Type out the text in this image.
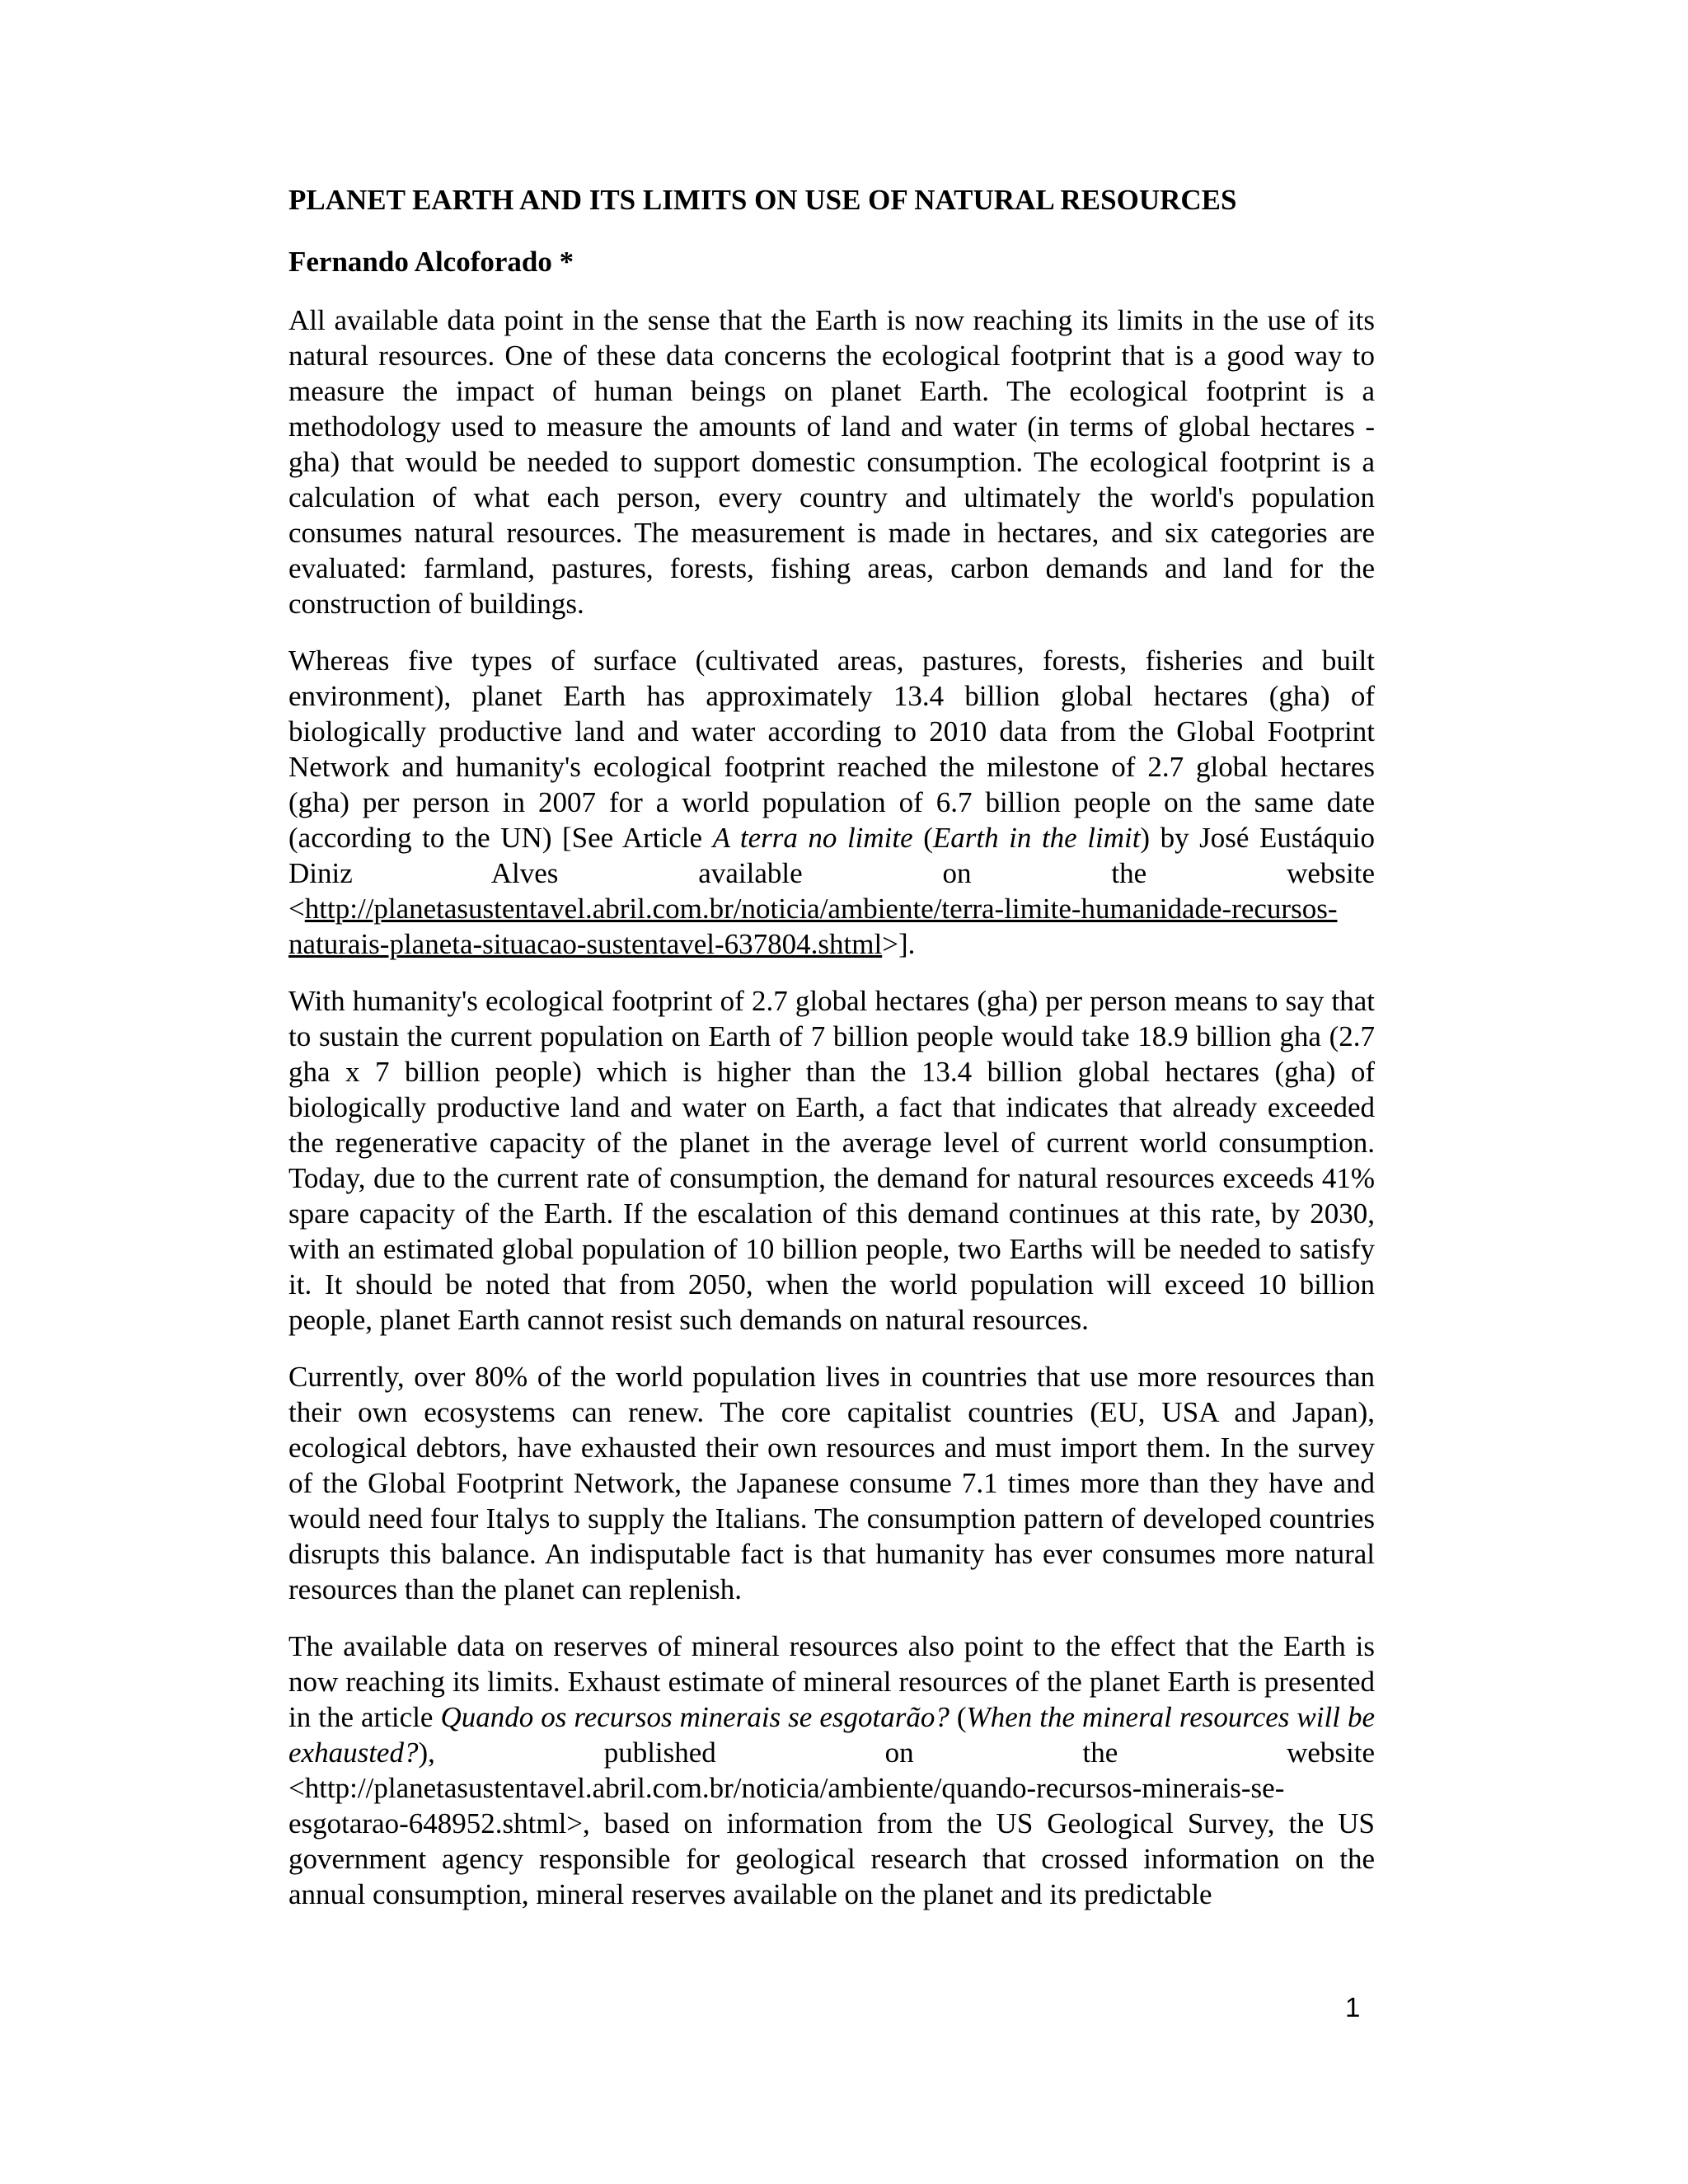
PLANET EARTH AND ITS LIMITS ON USE OF NATURAL RESOURCES
Fernando Alcoforado *

All available data point in the sense that the Earth is now reaching its limits in the use of its natural resources. One of these data concerns the ecological footprint that is a good way to measure the impact of human beings on planet Earth. The ecological footprint is a methodology used to measure the amounts of land and water (in terms of global hectares - gha) that would be needed to support domestic consumption. The ecological footprint is a calculation of what each person, every country and ultimately the world's population consumes natural resources. The measurement is made in hectares, and six categories are evaluated: farmland, pastures, forests, fishing areas, carbon demands and land for the construction of buildings.

Whereas five types of surface (cultivated areas, pastures, forests, fisheries and built environment), planet Earth has approximately 13.4 billion global hectares (gha) of biologically productive land and water according to 2010 data from the Global Footprint Network and humanity's ecological footprint reached the milestone of 2.7 global hectares (gha) per person in 2007 for a world population of 6.7 billion people on the same date (according to the UN) [See Article A terra no limite (Earth in the limit) by José Eustáquio Diniz Alves available on the website <http://planetasustentavel.abril.com.br/noticia/ambiente/terra-limite-humanidade-recursos-naturais-planeta-situacao-sustentavel-637804.shtml>].

With humanity's ecological footprint of 2.7 global hectares (gha) per person means to say that to sustain the current population on Earth of 7 billion people would take 18.9 billion gha (2.7 gha x 7 billion people) which is higher than the 13.4 billion global hectares (gha) of biologically productive land and water on Earth, a fact that indicates that already exceeded the regenerative capacity of the planet in the average level of current world consumption. Today, due to the current rate of consumption, the demand for natural resources exceeds 41% spare capacity of the Earth. If the escalation of this demand continues at this rate, by 2030, with an estimated global population of 10 billion people, two Earths will be needed to satisfy it. It should be noted that from 2050, when the world population will exceed 10 billion people, planet Earth cannot resist such demands on natural resources.

Currently, over 80% of the world population lives in countries that use more resources than their own ecosystems can renew. The core capitalist countries (EU, USA and Japan), ecological debtors, have exhausted their own resources and must import them. In the survey of the Global Footprint Network, the Japanese consume 7.1 times more than they have and would need four Italys to supply the Italians. The consumption pattern of developed countries disrupts this balance. An indisputable fact is that humanity has ever consumes more natural resources than the planet can replenish.

The available data on reserves of mineral resources also point to the effect that the Earth is now reaching its limits. Exhaust estimate of mineral resources of the planet Earth is presented in the article Quando os recursos minerais se esgotarão? (When the mineral resources will be exhausted?), published on the website <http://planetasustentavel.abril.com.br/noticia/ambiente/quando-recursos-minerais-se-esgotarao-648952.shtml>, based on information from the US Geological Survey, the US government agency responsible for geological research that crossed information on the annual consumption, mineral reserves available on the planet and its predictable

1
